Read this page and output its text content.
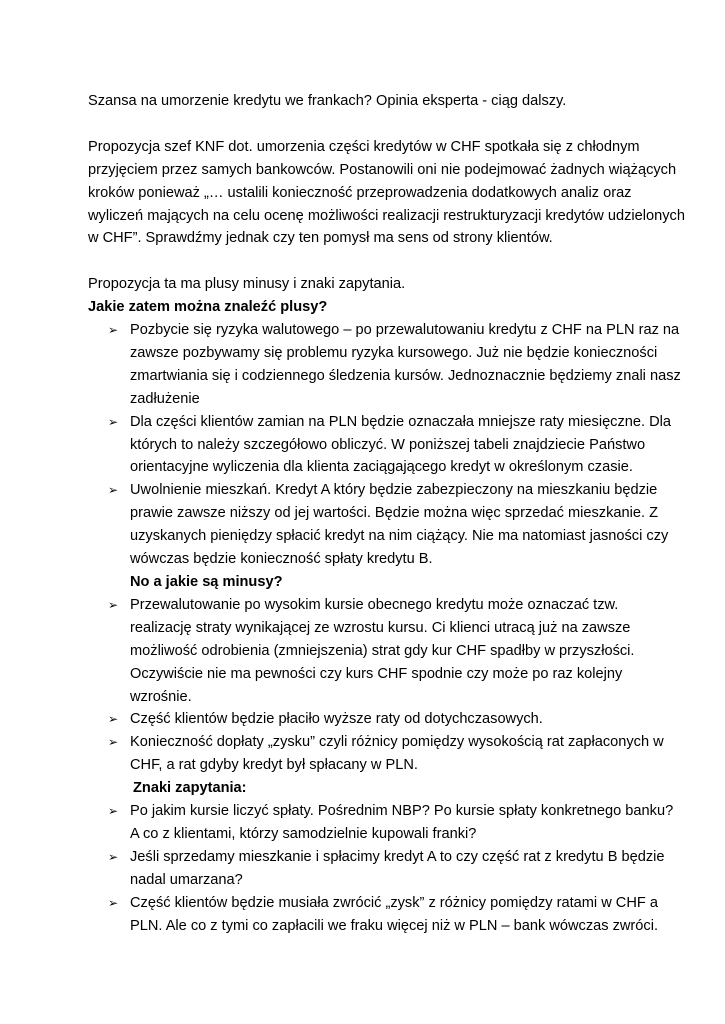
Szansa na umorzenie kredytu we frankach? Opinia eksperta - ciąg dalszy.

Propozycja szef KNF dot. umorzenia części kredytów w CHF spotkała się z chłodnym
przyjęciem przez samych bankowców. Postanowili oni nie podejmować żadnych wiążących
kroków ponieważ „… ustalili konieczność przeprowadzenia dodatkowych analiz oraz
wyliczeń mających na celu ocenę możliwości realizacji restrukturyzacji kredytów udzielonych
w CHF”. Sprawdźmy jednak czy ten pomysł ma sens od strony klientów.

Propozycja ta ma plusy minusy i znaki zapytania.

Jakie zatem można znaleźć plusy?

➢ Pozbycie się ryzyka walutowego – po przewalutowaniu kredytu z CHF na PLN raz na
zawsze pozbywamy się problemu ryzyka kursowego. Już nie będzie konieczności
zmartwiania się i codziennego śledzenia kursów. Jednoznacznie będziemy znali nasz
zadłużenie
➢ Dla części klientów zamian na PLN będzie oznaczała mniejsze raty miesięczne. Dla
których to należy szczegółowo obliczyć. W poniższej tabeli znajdziecie Państwo
orientacyjne wyliczenia dla klienta zaciągającego kredyt w określonym czasie.
➢ Uwolnienie mieszkań. Kredyt A który będzie zabezpieczony na mieszkaniu będzie
prawie zawsze niższy od jej wartości. Będzie można więc sprzedać mieszkanie. Z
uzyskanych pieniędzy spłacić kredyt na nim ciążący. Nie ma natomiast jasności czy
wówczas będzie konieczność spłaty kredytu B.

No a jakie są minusy?

➢ Przewalutowanie po wysokim kursie obecnego kredytu może oznaczać tzw.
realizację straty wynikającej ze wzrostu kursu. Ci klienci utracą już na zawsze
możliwość odrobienia (zmniejszenia) strat gdy kur CHF spadłby w przyszłości.
Oczywiście nie ma pewności czy kurs CHF spodnie czy może po raz kolejny
wzrośnie.
➢ Część klientów będzie płaciło wyższe raty od dotychczasowych.
➢ Konieczność dopłaty „zysku” czyli różnicy pomiędzy wysokością rat zapłaconych w
CHF, a rat gdyby kredyt był spłacany w PLN.

Znaki zapytania:

➢ Po jakim kursie liczyć spłaty. Pośrednim NBP? Po kursie spłaty konkretnego banku?
A co z klientami, którzy samodzielnie kupowali franki?
➢ Jeśli sprzedamy mieszkanie i spłacimy kredyt A to czy część rat z kredytu B będzie
nadal umarzana?
➢ Część klientów będzie musiała zwrócić „zysk” z różnicy pomiędzy ratami w CHF a
PLN. Ale co z tymi co zapłacili we fraku więcej niż w PLN – bank wówczas zwróci.
